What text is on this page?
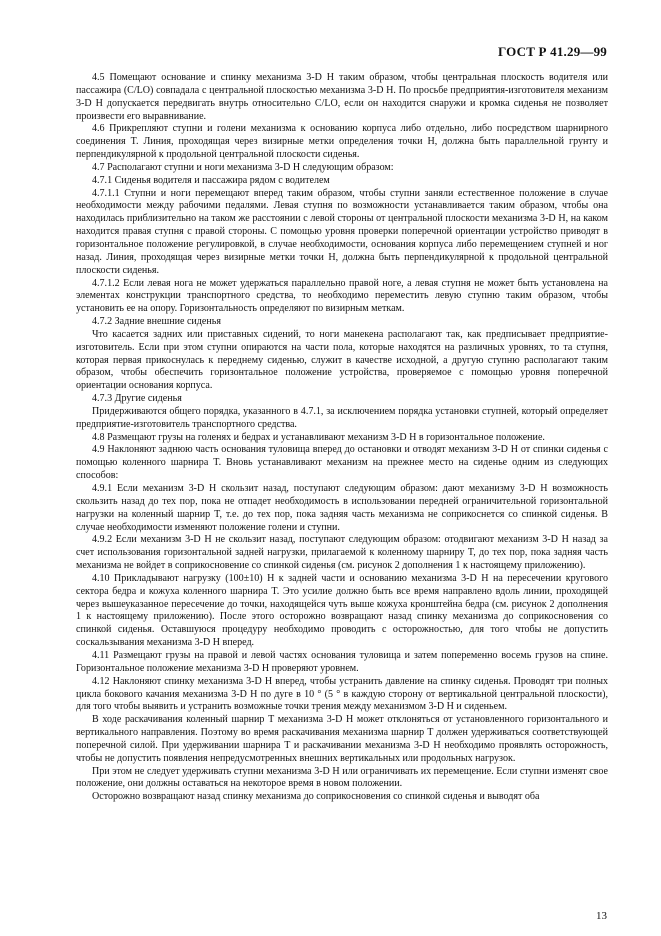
ГОСТ Р 41.29—99

4.5 Помещают основание и спинку механизма 3-D H таким образом, чтобы центральная плоскость водителя или пассажира (C/LO) совпадала с центральной плоскостью механизма 3-D H. По просьбе предприятия-изготовителя механизм 3-D H допускается передвигать внутрь относительно C/LO, если он находится снаружи и кромка сиденья не позволяет произвести его выравнивание.

4.6 Прикрепляют ступни и голени механизма к основанию корпуса либо отдельно, либо посредством шарнирного соединения T. Линия, проходящая через визирные метки определения точки H, должна быть параллельной грунту и перпендикулярной к продольной центральной плоскости сиденья.

4.7 Располагают ступни и ноги механизма 3-D H следующим образом:

4.7.1 Сиденья водителя и пассажира рядом с водителем

4.7.1.1 Ступни и ноги перемещают вперед таким образом, чтобы ступни заняли естественное положение в случае необходимости между рабочими педалями. Левая ступня по возможности устанавливается таким образом, чтобы она находилась приблизительно на таком же расстоянии с левой стороны от центральной плоскости механизма 3-D H, на каком находится правая ступня с правой стороны. С помощью уровня проверки поперечной ориентации устройство приводят в горизонтальное положение регулировкой, в случае необходимости, основания корпуса либо перемещением ступней и ног назад. Линия, проходящая через визирные метки точки H, должна быть перпендикулярной к продольной центральной плоскости сиденья.

4.7.1.2 Если левая нога не может удержаться параллельно правой ноге, а левая ступня не может быть установлена на элементах конструкции транспортного средства, то необходимо переместить левую ступню таким образом, чтобы установить ее на опору. Горизонтальность определяют по визирным меткам.

4.7.2 Задние внешние сиденья

Что касается задних или приставных сидений, то ноги манекена располагают так, как предписывает предприятие-изготовитель. Если при этом ступни опираются на части пола, которые находятся на различных уровнях, то та ступня, которая первая прикоснулась к переднему сиденью, служит в качестве исходной, а другую ступню располагают таким образом, чтобы обеспечить горизонтальное положение устройства, проверяемое с помощью уровня поперечной ориентации основания корпуса.

4.7.3 Другие сиденья

Придерживаются общего порядка, указанного в 4.7.1, за исключением порядка установки ступней, который определяет предприятие-изготовитель транспортного средства.

4.8 Размещают грузы на голенях и бедрах и устанавливают механизм 3-D H в горизонтальное положение.

4.9 Наклоняют заднюю часть основания туловища вперед до остановки и отводят механизм 3-D H от спинки сиденья с помощью коленного шарнира T. Вновь устанавливают механизм на прежнее место на сиденье одним из следующих способов:

4.9.1 Если механизм 3-D H скользит назад, поступают следующим образом: дают механизму 3-D H возможность скользить назад до тех пор, пока не отпадет необходимость в использовании передней ограничительной горизонтальной нагрузки на коленный шарнир T, т.е. до тех пор, пока задняя часть механизма не соприкоснется со спинкой сиденья. В случае необходимости изменяют положение голени и ступни.

4.9.2 Если механизм 3-D H не скользит назад, поступают следующим образом: отодвигают механизм 3-D H назад за счет использования горизонтальной задней нагрузки, прилагаемой к коленному шарниру T, до тех пор, пока задняя часть механизма не войдет в соприкосновение со спинкой сиденья (см. рисунок 2 дополнения 1 к настоящему приложению).

4.10 Прикладывают нагрузку (100±10) Н к задней части и основанию механизма 3-D H на пересечении кругового сектора бедра и кожуха коленного шарнира T. Это усилие должно быть все время направлено вдоль линии, проходящей через вышеуказанное пересечение до точки, находящейся чуть выше кожуха кронштейна бедра (см. рисунок 2 дополнения 1 к настоящему приложению). После этого осторожно возвращают назад спинку механизма до соприкосновения со спинкой сиденья. Оставшуюся процедуру необходимо проводить с осторожностью, для того чтобы не допустить соскальзывания механизма 3-D H вперед.

4.11 Размещают грузы на правой и левой частях основания туловища и затем попеременно восемь грузов на спине. Горизонтальное положение механизма 3-D H проверяют уровнем.

4.12 Наклоняют спинку механизма 3-D H вперед, чтобы устранить давление на спинку сиденья. Проводят три полных цикла бокового качания механизма 3-D H по дуге в 10 ° (5 ° в каждую сторону от вертикальной центральной плоскости), для того чтобы выявить и устранить возможные точки трения между механизмом 3-D H и сиденьем.

В ходе раскачивания коленный шарнир T механизма 3-D H может отклоняться от установленного горизонтального и вертикального направления. Поэтому во время раскачивания механизма шарнир T должен удерживаться соответствующей поперечной силой. При удерживании шарнира T и раскачивании механизма 3-D H необходимо проявлять осторожность, чтобы не допустить появления непредусмотренных внешних вертикальных или продольных нагрузок.

При этом не следует удерживать ступни механизма 3-D H или ограничивать их перемещение. Если ступни изменят свое положение, они должны оставаться на некоторое время в новом положении.

Осторожно возвращают назад спинку механизма до соприкосновения со спинкой сиденья и выводят оба

13
